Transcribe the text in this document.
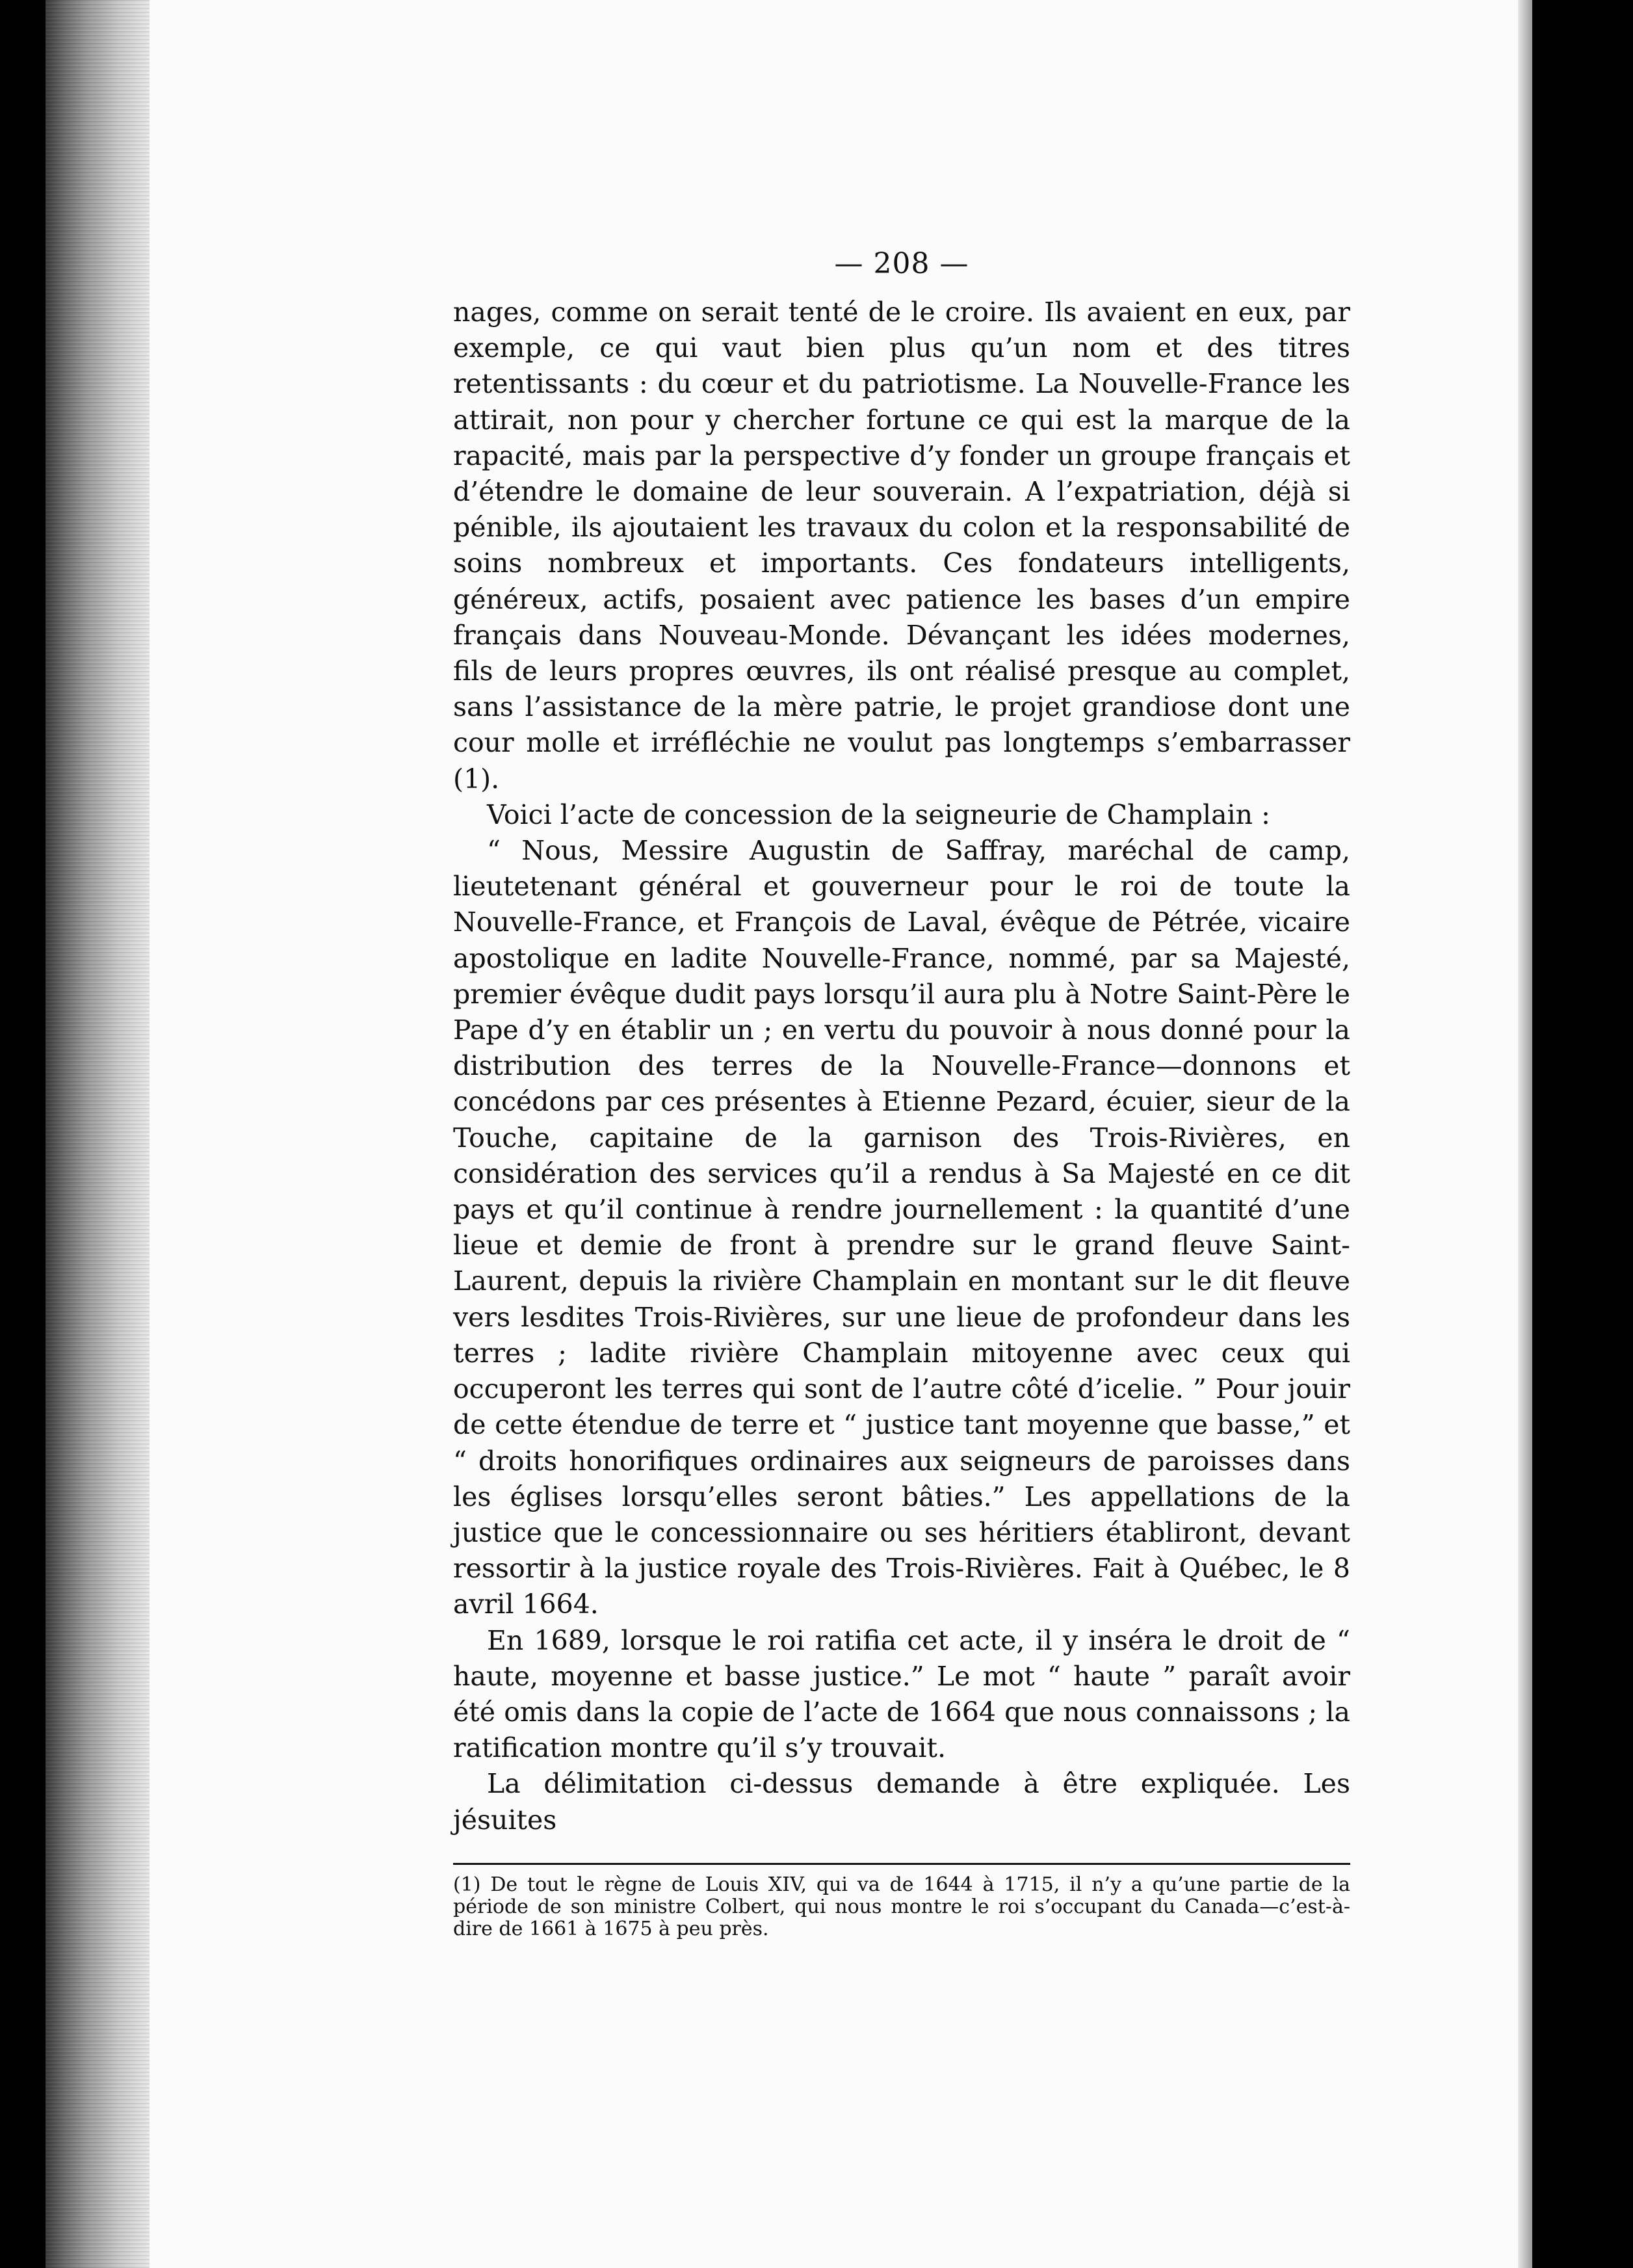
— 208 —

nages, comme on serait tenté de le croire. Ils avaient en eux, par exemple, ce qui vaut bien plus qu’un nom et des titres retentissants : du cœur et du patriotisme. La Nouvelle-France les attirait, non pour y chercher fortune ce qui est la marque de la rapacité, mais par la perspective d’y fonder un groupe français et d’étendre le domaine de leur souverain. A l’expatriation, déjà si pénible, ils ajoutaient les travaux du colon et la responsabilité de soins nombreux et importants. Ces fondateurs intelligents, généreux, actifs, posaient avec patience les bases d’un empire français dans Nouveau-Monde. Dévançant les idées modernes, fils de leurs propres œuvres, ils ont réalisé presque au complet, sans l’assistance de la mère patrie, le projet grandiose dont une cour molle et irréfléchie ne voulut pas longtemps s’embarrasser (1).

Voici l’acte de concession de la seigneurie de Champlain :

“ Nous, Messire Augustin de Saffray, maréchal de camp, lieutetenant général et gouverneur pour le roi de toute la Nouvelle-France, et François de Laval, évêque de Pétrée, vicaire apostolique en ladite Nouvelle-France, nommé, par sa Majesté, premier évêque dudit pays lorsqu’il aura plu à Notre Saint-Père le Pape d’y en établir un ; en vertu du pouvoir à nous donné pour la distribution des terres de la Nouvelle-France—donnons et concédons par ces présentes à Etienne Pezard, écuier, sieur de la Touche, capitaine de la garnison des Trois-Rivières, en considération des services qu’il a rendus à Sa Majesté en ce dit pays et qu’il continue à rendre journellement : la quantité d’une lieue et demie de front à prendre sur le grand fleuve Saint-Laurent, depuis la rivière Champlain en montant sur le dit fleuve vers lesdites Trois-Rivières, sur une lieue de profondeur dans les terres ; ladite rivière Champlain mitoyenne avec ceux qui occuperont les terres qui sont de l’autre côté d’icelie. ” Pour jouir de cette étendue de terre et “ justice tant moyenne que basse,” et “ droits honorifiques ordinaires aux seigneurs de paroisses dans les églises lorsqu’elles seront bâties.” Les appellations de la justice que le concessionnaire ou ses héritiers établiront, devant ressortir à la justice royale des Trois-Rivières. Fait à Québec, le 8 avril 1664.

En 1689, lorsque le roi ratifia cet acte, il y inséra le droit de “ haute, moyenne et basse justice.” Le mot “ haute ” paraît avoir été omis dans la copie de l’acte de 1664 que nous connaissons ; la ratification montre qu’il s’y trouvait.

La délimitation ci-dessus demande à être expliquée. Les jésuites

(1) De tout le règne de Louis XIV, qui va de 1644 à 1715, il n’y a qu’une partie de la période de son ministre Colbert, qui nous montre le roi s’occupant du Canada—c’est-à-dire de 1661 à 1675 à peu près.
